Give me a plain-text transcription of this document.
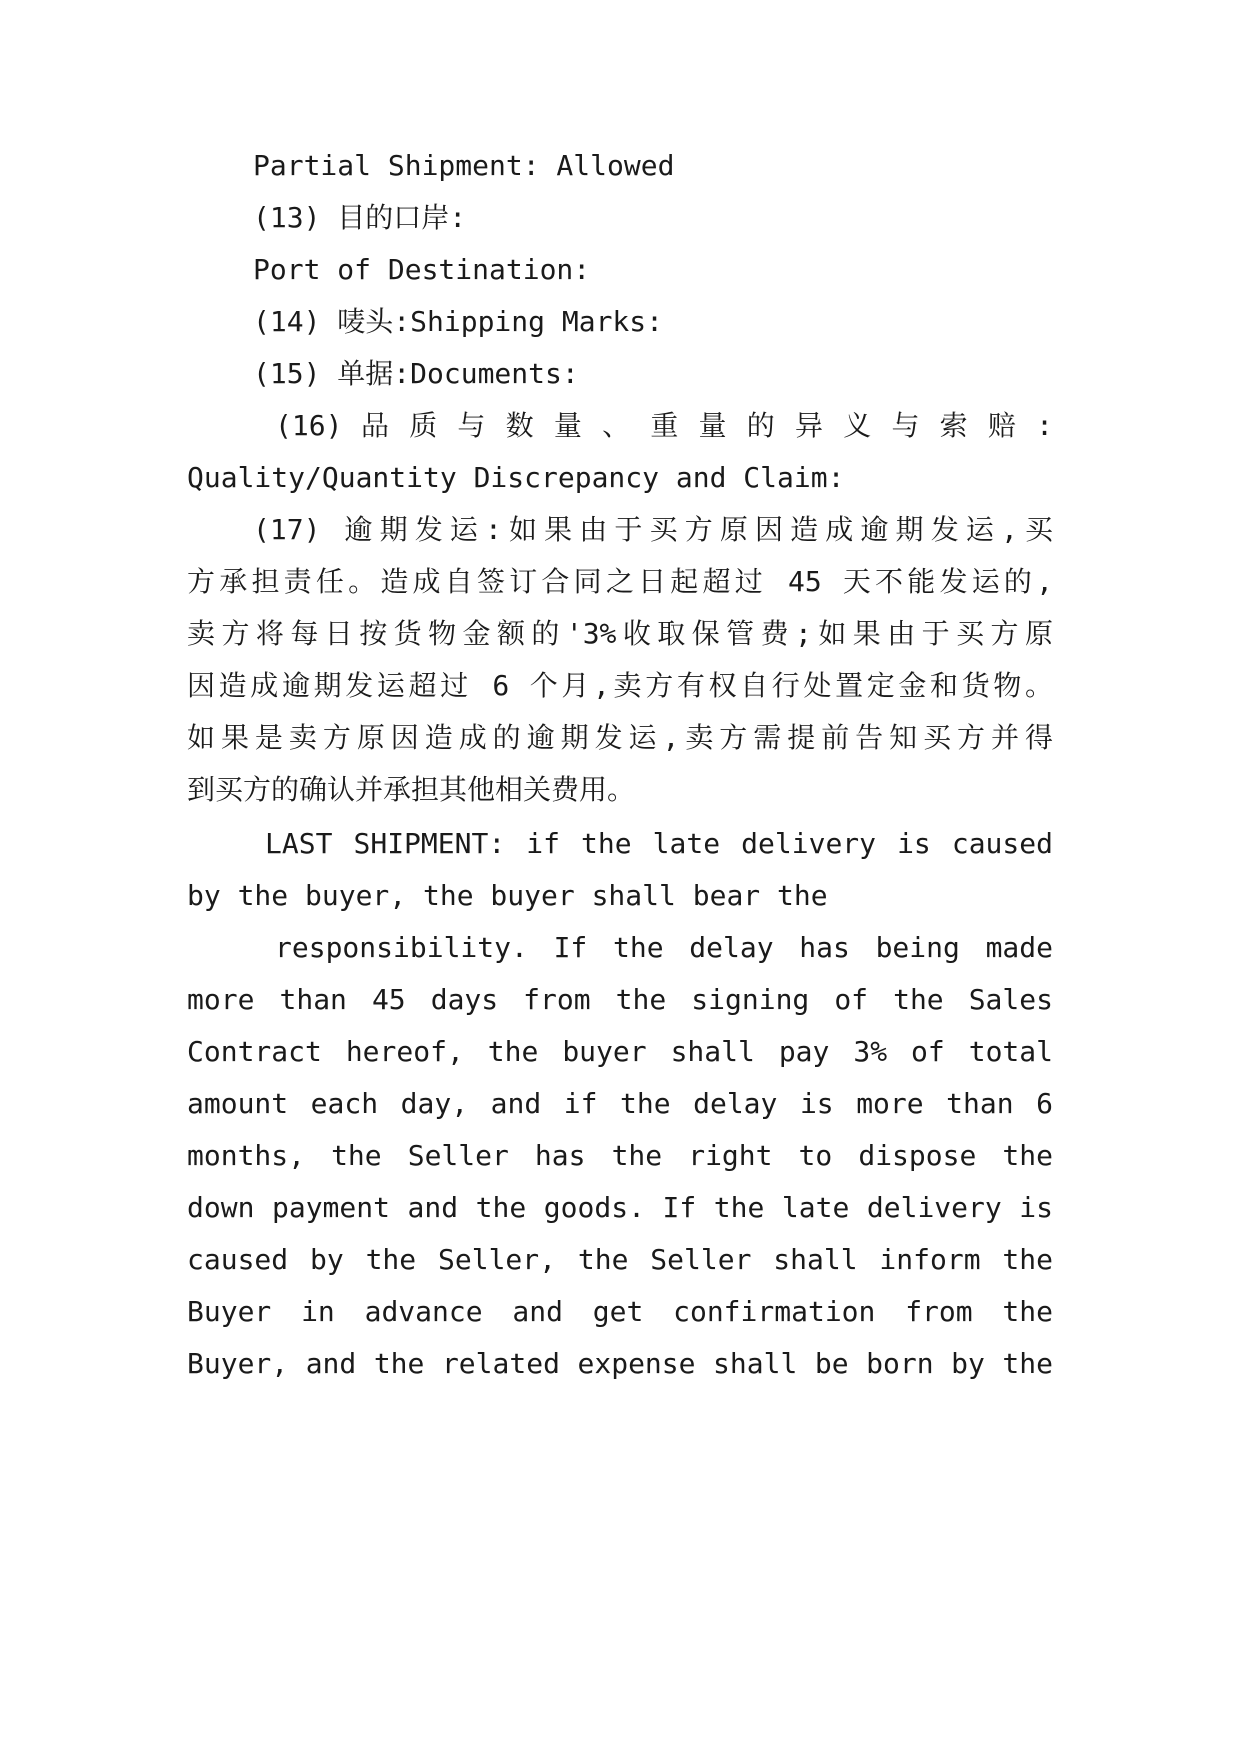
Partial Shipment: Allowed
(13) 目的口岸:
Port of Destination:
(14) 唛头:Shipping Marks:
(15) 单据:Documents:
(16) 品 质 与 数 量 、 重 量 的 异 义 与 索 赔 :
Quality/Quantity Discrepancy and Claim:
(17) 逾期发运:如果由于买方原因造成逾期发运,买
方承担责任。造成自签订合同之日起超过 45 天不能发运的,
卖方将每日按货物金额的'3%收取保管费;如果由于买方原
因造成逾期发运超过 6 个月,卖方有权自行处置定金和货物。
如果是卖方原因造成的逾期发运,卖方需提前告知买方并得
到买方的确认并承担其他相关费用。
LAST SHIPMENT: if the late delivery is caused
by the buyer, the buyer shall bear the
responsibility. If the delay has being made
more than 45 days from the signing of the Sales
Contract hereof, the buyer shall pay 3% of total
amount each day, and if the delay is more than 6
months, the Seller has the right to dispose the
down payment and the goods. If the late delivery is
caused by the Seller, the Seller shall inform the
Buyer in advance and get confirmation from the
Buyer, and the related expense shall be born by the
